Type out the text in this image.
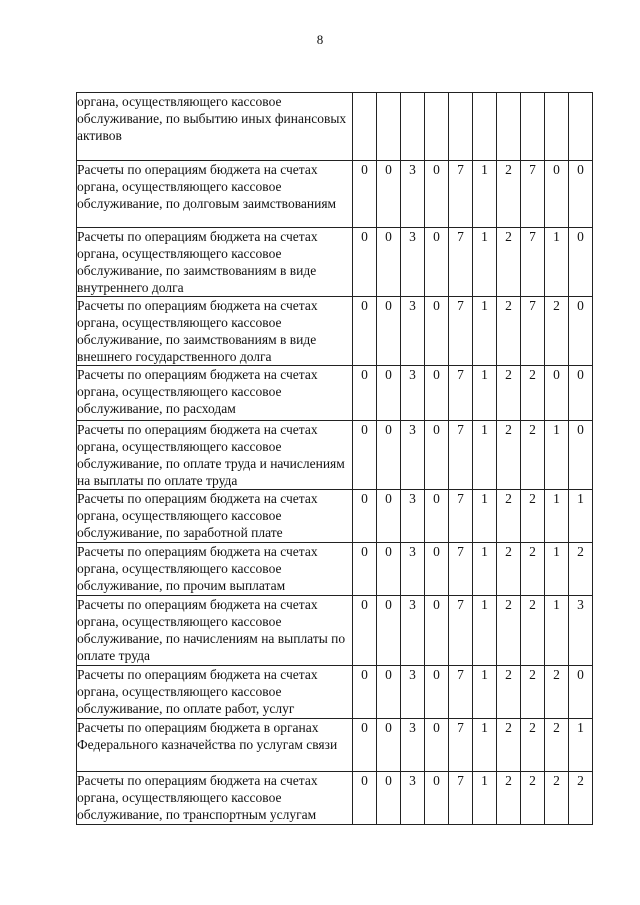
8
органа, осуществляющего кассовое обслуживание, по выбытию иных финансовых активов										
Расчеты по операциям бюджета на счетах органа, осуществляющего кассовое обслуживание, по долговым заимствованиям	0	0	3	0	7	1	2	7	0	0
Расчеты по операциям бюджета на счетах органа, осуществляющего кассовое обслуживание, по заимствованиям в виде внутреннего долга	0	0	3	0	7	1	2	7	1	0
Расчеты по операциям бюджета на счетах органа, осуществляющего кассовое обслуживание, по заимствованиям в виде внешнего государственного долга	0	0	3	0	7	1	2	7	2	0
Расчеты по операциям бюджета на счетах органа, осуществляющего кассовое обслуживание, по расходам	0	0	3	0	7	1	2	2	0	0
Расчеты по операциям бюджета на счетах органа, осуществляющего кассовое обслуживание, по оплате труда и начислениям на выплаты по оплате труда	0	0	3	0	7	1	2	2	1	0
Расчеты по операциям бюджета на счетах органа, осуществляющего кассовое обслуживание, по заработной плате	0	0	3	0	7	1	2	2	1	1
Расчеты по операциям бюджета на счетах органа, осуществляющего кассовое обслуживание, по прочим выплатам	0	0	3	0	7	1	2	2	1	2
Расчеты по операциям бюджета на счетах органа, осуществляющего кассовое обслуживание, по начислениям на выплаты по оплате труда	0	0	3	0	7	1	2	2	1	3
Расчеты по операциям бюджета на счетах органа, осуществляющего кассовое обслуживание, по оплате работ, услуг	0	0	3	0	7	1	2	2	2	0
Расчеты по операциям бюджета в органах Федерального казначейства по услугам связи	0	0	3	0	7	1	2	2	2	1
Расчеты по операциям бюджета на счетах органа, осуществляющего кассовое обслуживание, по транспортным услугам	0	0	3	0	7	1	2	2	2	2
